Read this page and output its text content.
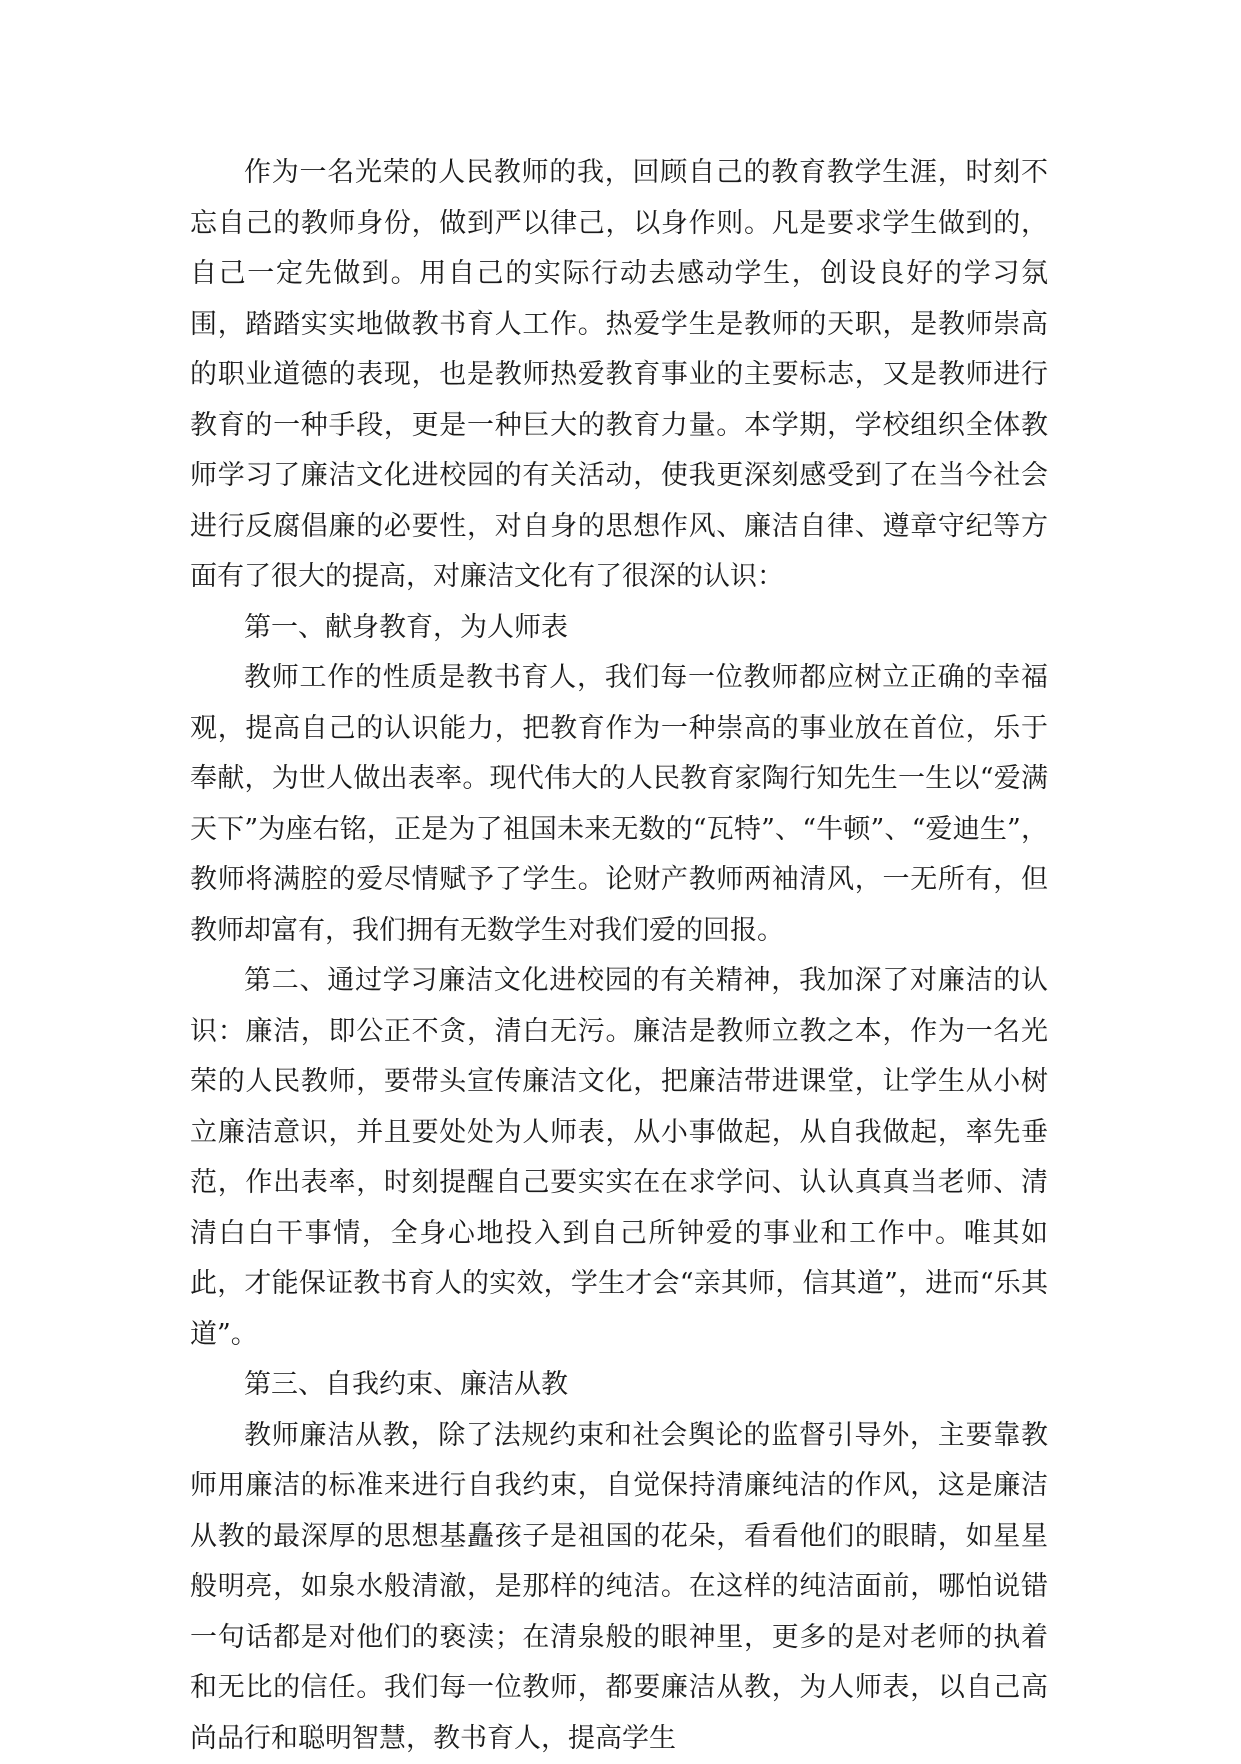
作为一名光荣的人民教师的我，回顾自己的教育教学生涯，时刻不忘自己的教师身份，做到严以律己，以身作则。凡是要求学生做到的，自己一定先做到。用自己的实际行动去感动学生，创设良好的学习氛围，踏踏实实地做教书育人工作。热爱学生是教师的天职，是教师崇高的职业道德的表现，也是教师热爱教育事业的主要标志，又是教师进行教育的一种手段，更是一种巨大的教育力量。本学期，学校组织全体教师学习了廉洁文化进校园的有关活动，使我更深刻感受到了在当今社会进行反腐倡廉的必要性，对自身的思想作风、廉洁自律、遵章守纪等方面有了很大的提高，对廉洁文化有了很深的认识：

第一、献身教育，为人师表

教师工作的性质是教书育人，我们每一位教师都应树立正确的幸福观，提高自己的认识能力，把教育作为一种崇高的事业放在首位，乐于奉献，为世人做出表率。现代伟大的人民教育家陶行知先生一生以“爱满天下”为座右铭，正是为了祖国未来无数的“瓦特”、“牛顿”、“爱迪生”，教师将满腔的爱尽情赋予了学生。论财产教师两袖清风，一无所有，但教师却富有，我们拥有无数学生对我们爱的回报。

第二、通过学习廉洁文化进校园的有关精神，我加深了对廉洁的认识：廉洁，即公正不贪，清白无污。廉洁是教师立教之本，作为一名光荣的人民教师，要带头宣传廉洁文化，把廉洁带进课堂，让学生从小树立廉洁意识，并且要处处为人师表，从小事做起，从自我做起，率先垂范，作出表率，时刻提醒自己要实实在在求学问、认认真真当老师、清清白白干事情，全身心地投入到自己所钟爱的事业和工作中。唯其如此，才能保证教书育人的实效，学生才会“亲其师，信其道”，进而“乐其道”。

第三、自我约束、廉洁从教

教师廉洁从教，除了法规约束和社会舆论的监督引导外，主要靠教师用廉洁的标准来进行自我约束，自觉保持清廉纯洁的作风，这是廉洁从教的最深厚的思想基矗孩子是祖国的花朵，看看他们的眼睛，如星星般明亮，如泉水般清澈，是那样的纯洁。在这样的纯洁面前，哪怕说错一句话都是对他们的亵渎；在清泉般的眼神里，更多的是对老师的执着和无比的信任。我们每一位教师，都要廉洁从教，为人师表，以自己高尚品行和聪明智慧，教书育人，提高学生
